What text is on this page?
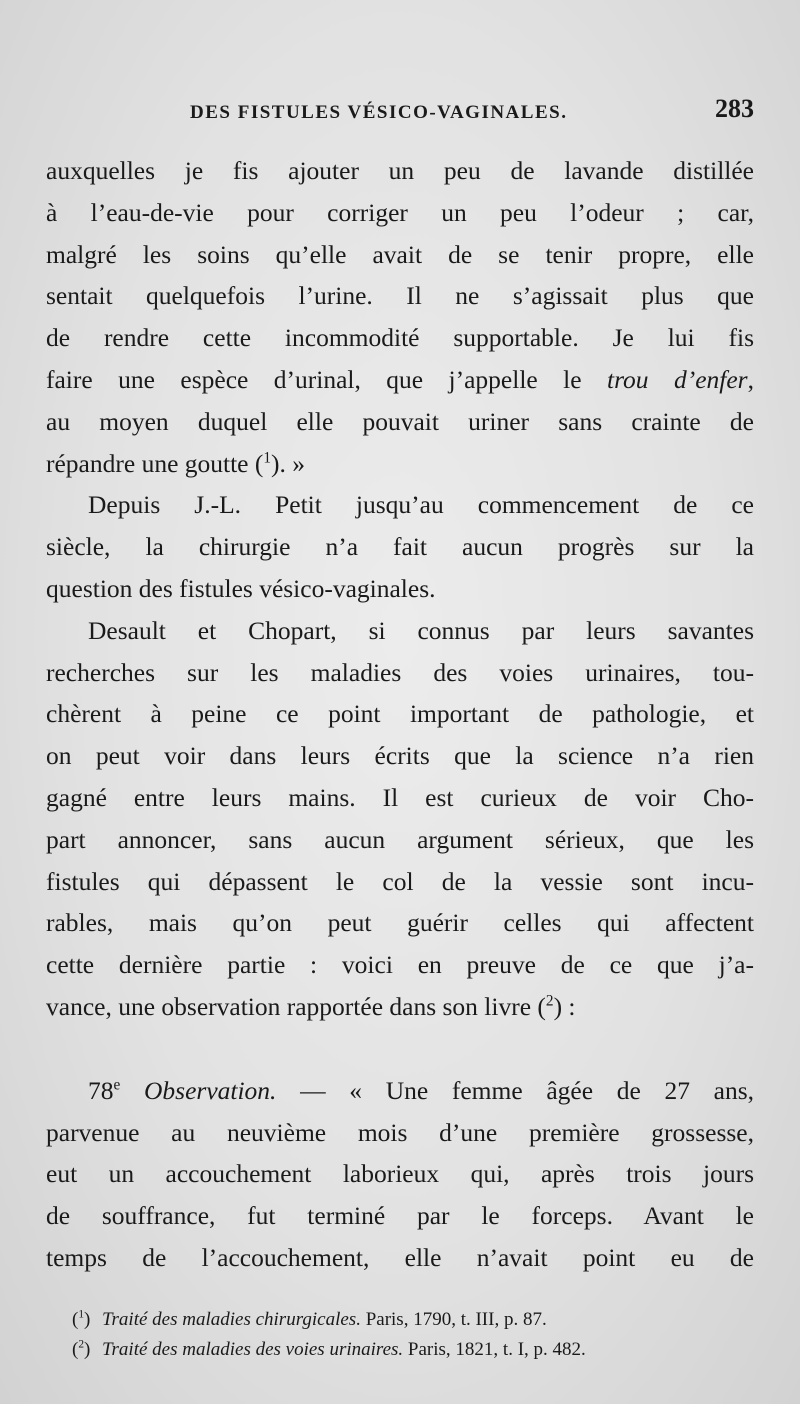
DES FISTULES VÉSICO-VAGINALES.	283

auxquelles je fis ajouter un peu de lavande distillée
à l’eau-de-vie pour corriger un peu l’odeur ; car,
malgré les soins qu’elle avait de se tenir propre, elle
sentait quelquefois l’urine. Il ne s’agissait plus que
de rendre cette incommodité supportable. Je lui fis
faire une espèce d’urinal, que j’appelle le trou d’enfer,
au moyen duquel elle pouvait uriner sans crainte de
répandre une goutte ($^1$). »

Depuis J.-L. Petit jusqu’au commencement de ce
siècle, la chirurgie n’a fait aucun progrès sur la
question des fistules vésico-vaginales.

Desault et Chopart, si connus par leurs savantes
recherches sur les maladies des voies urinaires, tou-
chèrent à peine ce point important de pathologie, et
on peut voir dans leurs écrits que la science n’a rien
gagné entre leurs mains. Il est curieux de voir Cho-
part annoncer, sans aucun argument sérieux, que les
fistules qui dépassent le col de la vessie sont incu-
rables, mais qu’on peut guérir celles qui affectent
cette dernière partie : voici en preuve de ce que j’a-
vance, une observation rapportée dans son livre ($^2$) :

78e Observation. — « Une femme âgée de 27 ans,
parvenue au neuvième mois d’une première grossesse,
eut un accouchement laborieux qui, après trois jours
de souffrance, fut terminé par le forceps. Avant le
temps de l’accouchement, elle n’avait point eu de

($^1$) Traité des maladies chirurgicales. Paris, 1790, t. III, p. 87.
($^2$) Traité des maladies des voies urinaires. Paris, 1821, t. I, p. 482.
